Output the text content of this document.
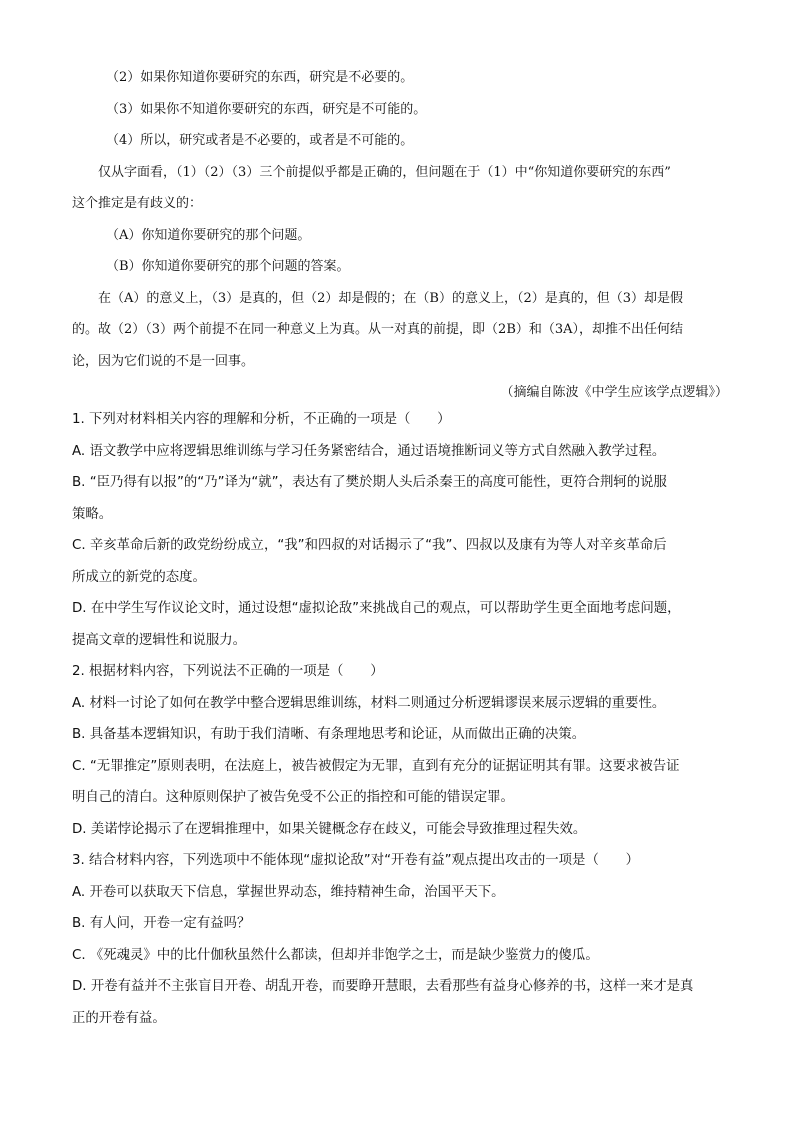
（2）如果你知道你要研究的东西，研究是不必要的。
（3）如果你不知道你要研究的东西，研究是不可能的。
（4）所以，研究或者是不必要的，或者是不可能的。
仅从字面看，（1）（2）（3）三个前提似乎都是正确的，但问题在于（1）中“你知道你要研究的东西”
这个推定是有歧义的：
（A）你知道你要研究的那个问题。
（B）你知道你要研究的那个问题的答案。
在（A）的意义上，（3）是真的，但（2）却是假的；在（B）的意义上，（2）是真的，但（3）却是假
的。故（2）（3）两个前提不在同一种意义上为真。从一对真的前提，即（2B）和（3A），却推不出任何结
论，因为它们说的不是一回事。
（摘编自陈波《中学生应该学点逻辑》）
1. 下列对材料相关内容的理解和分析，不正确的一项是（　　）
A. 语文教学中应将逻辑思维训练与学习任务紧密结合，通过语境推断词义等方式自然融入教学过程。
B. “臣乃得有以报”的“乃”译为“就”，表达有了樊於期人头后杀秦王的高度可能性，更符合荆轲的说服
策略。
C. 辛亥革命后新的政党纷纷成立，“我”和四叔的对话揭示了“我”、四叔以及康有为等人对辛亥革命后
所成立的新党的态度。
D. 在中学生写作议论文时，通过设想“虚拟论敌”来挑战自己的观点，可以帮助学生更全面地考虑问题，
提高文章的逻辑性和说服力。
2. 根据材料内容，下列说法不正确的一项是（　　）
A. 材料一讨论了如何在教学中整合逻辑思维训练，材料二则通过分析逻辑谬误来展示逻辑的重要性。
B. 具备基本逻辑知识，有助于我们清晰、有条理地思考和论证，从而做出正确的决策。
C. “无罪推定”原则表明，在法庭上，被告被假定为无罪，直到有充分的证据证明其有罪。这要求被告证
明自己的清白。这种原则保护了被告免受不公正的指控和可能的错误定罪。
D. 美诺悖论揭示了在逻辑推理中，如果关键概念存在歧义，可能会导致推理过程失效。
3. 结合材料内容，下列选项中不能体现“虚拟论敌”对“开卷有益”观点提出攻击的一项是（　　）
A. 开卷可以获取天下信息，掌握世界动态，维持精神生命，治国平天下。
B. 有人问，开卷一定有益吗？
C. 《死魂灵》中的比什伽秋虽然什么都读，但却并非饱学之士，而是缺少鉴赏力的傻瓜。
D. 开卷有益并不主张盲目开卷、胡乱开卷，而要睁开慧眼，去看那些有益身心修养的书，这样一来才是真
正的开卷有益。
